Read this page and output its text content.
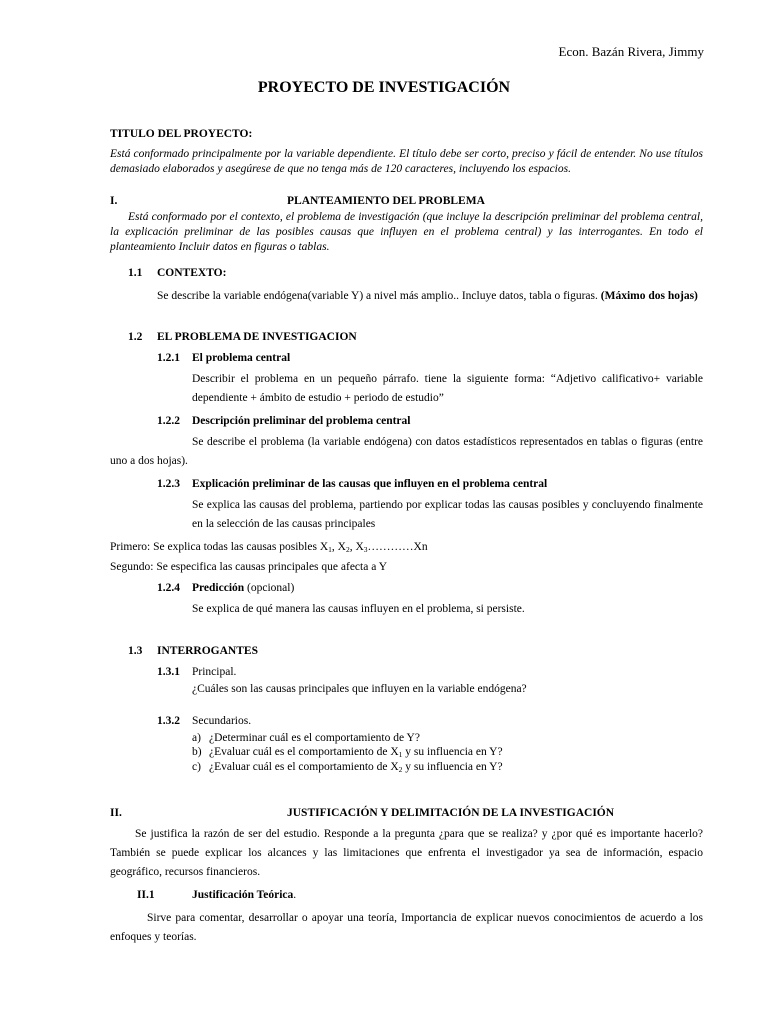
Econ. Bazán Rivera, Jimmy
PROYECTO DE INVESTIGACIÓN
TITULO DEL PROYECTO:
Está conformado principalmente por la variable dependiente. El título debe ser corto, preciso y fácil de entender. No use títulos demasiado elaborados y asegúrese de que no tenga más de 120 caracteres, incluyendo los espacios.
I.	PLANTEAMIENTO DEL PROBLEMA
Está conformado por el contexto, el problema de investigación (que incluye la descripción preliminar del problema central, la explicación preliminar de las posibles causas que influyen en el problema central) y las interrogantes. En todo el planteamiento Incluir datos en figuras o tablas.
1.1 CONTEXTO:
Se describe la variable endógena(variable Y) a nivel más amplio.. Incluye datos, tabla o figuras. (Máximo dos hojas)
1.2 EL PROBLEMA DE INVESTIGACION
1.2.1 El problema central
Describir el problema en un pequeño párrafo. tiene la siguiente forma: “Adjetivo calificativo+ variable dependiente + ámbito de estudio + periodo de estudio”
1.2.2 Descripción preliminar del problema central
Se describe el problema (la variable endógena) con datos estadísticos representados en tablas o figuras (entre uno a dos hojas).
1.2.3 Explicación preliminar de las causas que influyen en el problema central
Se explica las causas del problema, partiendo por explicar todas las causas posibles y concluyendo finalmente en la selección de las causas principales
Primero: Se explica todas las causas posibles $X_1$, $X_2$, $X_3\dots\dots\dots\dots Xn$
Segundo: Se especifica las causas principales que afecta a Y
1.2.4 Predicción (opcional)
Se explica de qué manera las causas influyen en el problema, si persiste.
1.3 INTERROGANTES
1.3.1 Principal.
¿Cuáles son las causas principales que influyen en la variable endógena?
1.3.2 Secundarios.
a) ¿Determinar cuál es el comportamiento de Y?
b) ¿Evaluar cuál es el comportamiento de $X_1$ y su influencia en Y?
c) ¿Evaluar cuál es el comportamiento de $X_2$ y su influencia en Y?
II.	JUSTIFICACIÓN Y DELIMITACIÓN DE LA INVESTIGACIÓN
Se justifica la razón de ser del estudio. Responde a la pregunta ¿para que se realiza? y ¿por qué es importante hacerlo? También se puede explicar los alcances y las limitaciones que enfrenta el investigador ya sea de información, espacio geográfico, recursos financieros.
II.1	Justificación Teórica.
Sirve para comentar, desarrollar o apoyar una teoría, Importancia de explicar nuevos conocimientos de acuerdo a los enfoques y teorías.
